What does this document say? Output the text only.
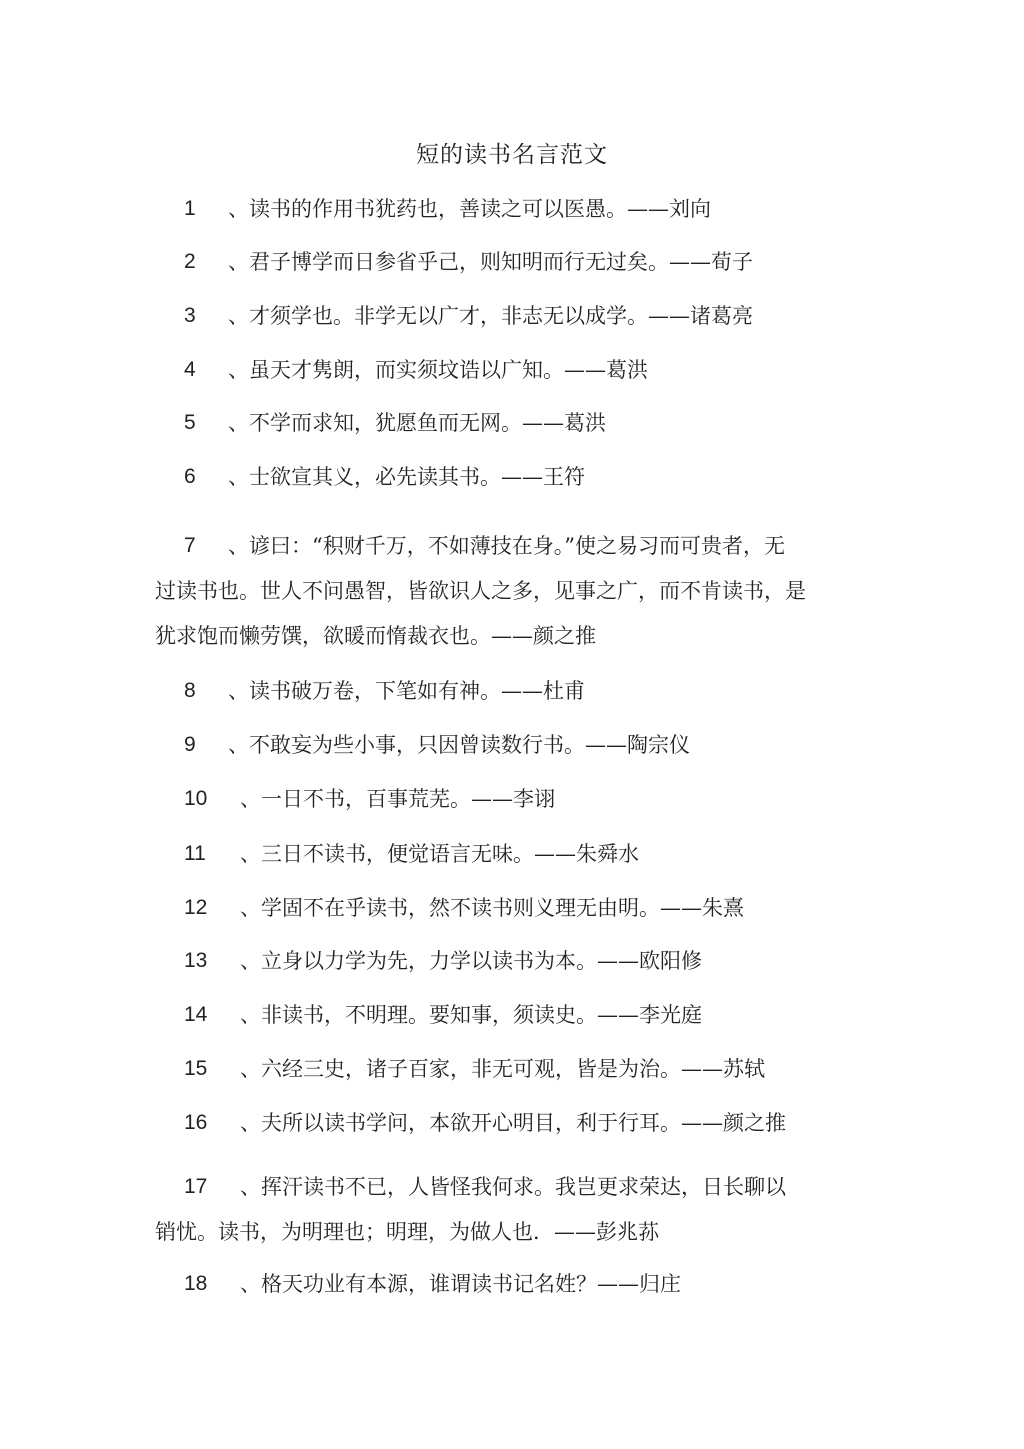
短的读书名言范文
1 、读书的作用书犹药也，善读之可以医愚。——刘向
2 、君子博学而日参省乎己，则知明而行无过矣。——荀子
3 、才须学也。非学无以广才，非志无以成学。——诸葛亮
4 、虽天才隽朗，而实须坟诰以广知。——葛洪
5 、不学而求知，犹愿鱼而无网。——葛洪
6 、士欲宣其义，必先读其书。——王符
7 、谚曰：“积财千万，不如薄技在身。”使之易习而可贵者，无
过读书也。世人不问愚智，皆欲识人之多，见事之广，而不肯读书，是
犹求饱而懒劳馔，欲暖而惰裁衣也。——颜之推
8 、读书破万卷，下笔如有神。——杜甫
9 、不敢妄为些小事，只因曾读数行书。——陶宗仪
10 、一日不书，百事荒芜。——李诩
11 、三日不读书，便觉语言无味。——朱舜水
12 、学固不在乎读书，然不读书则义理无由明。——朱熹
13 、立身以力学为先，力学以读书为本。——欧阳修
14 、非读书，不明理。要知事，须读史。——李光庭
15 、六经三史，诸子百家，非无可观，皆是为治。——苏轼
16 、夫所以读书学问，本欲开心明目，利于行耳。——颜之推
17 、挥汗读书不已，人皆怪我何求。我岂更求荣达，日长聊以
销忧。读书，为明理也；明理，为做人也．——彭兆荪
18 、格天功业有本源，谁谓读书记名姓？——归庄
